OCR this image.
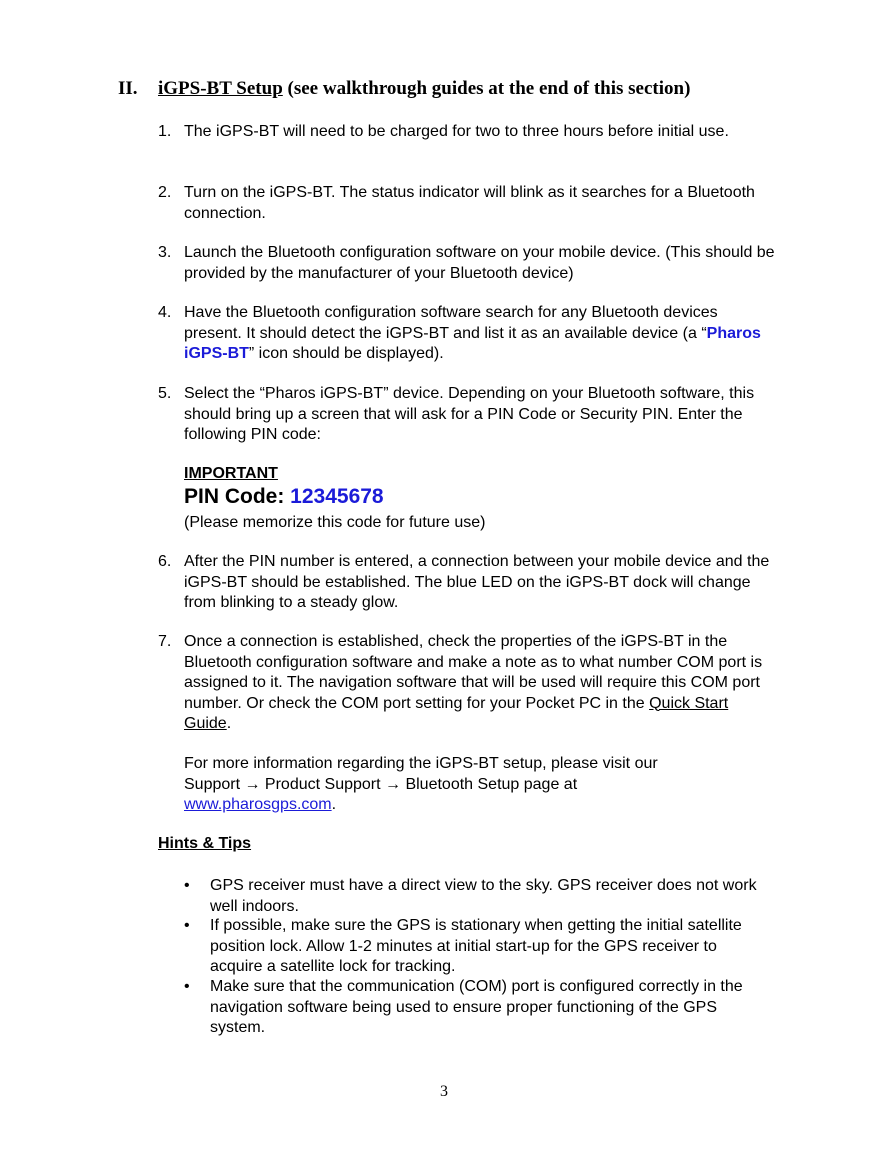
II. iGPS-BT Setup (see walkthrough guides at the end of this section)
1. The iGPS-BT will need to be charged for two to three hours before initial use.
2. Turn on the iGPS-BT. The status indicator will blink as it searches for a Bluetooth connection.
3. Launch the Bluetooth configuration software on your mobile device. (This should be provided by the manufacturer of your Bluetooth device)
4. Have the Bluetooth configuration software search for any Bluetooth devices present. It should detect the iGPS-BT and list it as an available device (a “Pharos iGPS-BT” icon should be displayed).
5. Select the “Pharos iGPS-BT” device. Depending on your Bluetooth software, this should bring up a screen that will ask for a PIN Code or Security PIN. Enter the following PIN code:
IMPORTANT
PIN Code: 12345678
(Please memorize this code for future use)
6. After the PIN number is entered, a connection between your mobile device and the iGPS-BT should be established. The blue LED on the iGPS-BT dock will change from blinking to a steady glow.
7. Once a connection is established, check the properties of the iGPS-BT in the Bluetooth configuration software and make a note as to what number COM port is assigned to it. The navigation software that will be used will require this COM port number. Or check the COM port setting for your Pocket PC in the Quick Start Guide.
For more information regarding the iGPS-BT setup, please visit our
Support → Product Support → Bluetooth Setup page at
www.pharosgps.com.
Hints & Tips
• GPS receiver must have a direct view to the sky. GPS receiver does not work well indoors.
• If possible, make sure the GPS is stationary when getting the initial satellite position lock. Allow 1-2 minutes at initial start-up for the GPS receiver to acquire a satellite lock for tracking.
• Make sure that the communication (COM) port is configured correctly in the navigation software being used to ensure proper functioning of the GPS system.
3
